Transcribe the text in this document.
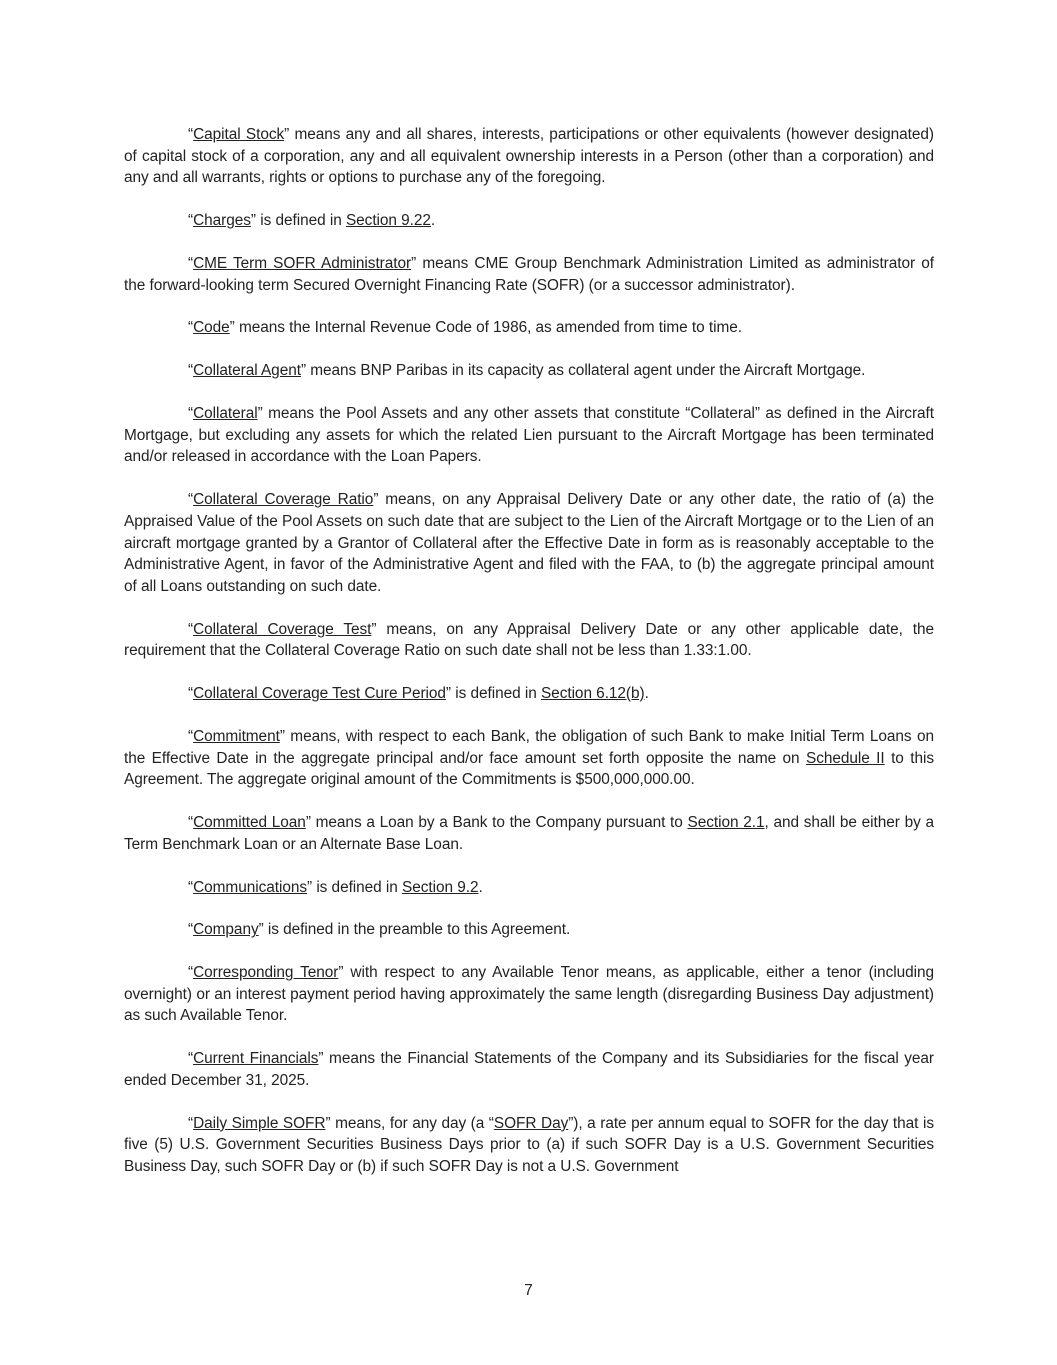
“Capital Stock” means any and all shares, interests, participations or other equivalents (however designated) of capital stock of a corporation, any and all equivalent ownership interests in a Person (other than a corporation) and any and all warrants, rights or options to purchase any of the foregoing.

“Charges” is defined in Section 9.22.

“CME Term SOFR Administrator” means CME Group Benchmark Administration Limited as administrator of the forward-looking term Secured Overnight Financing Rate (SOFR) (or a successor administrator).

“Code” means the Internal Revenue Code of 1986, as amended from time to time.

“Collateral Agent” means BNP Paribas in its capacity as collateral agent under the Aircraft Mortgage.

“Collateral” means the Pool Assets and any other assets that constitute “Collateral” as defined in the Aircraft Mortgage, but excluding any assets for which the related Lien pursuant to the Aircraft Mortgage has been terminated and/or released in accordance with the Loan Papers.

“Collateral Coverage Ratio” means, on any Appraisal Delivery Date or any other date, the ratio of (a) the Appraised Value of the Pool Assets on such date that are subject to the Lien of the Aircraft Mortgage or to the Lien of an aircraft mortgage granted by a Grantor of Collateral after the Effective Date in form as is reasonably acceptable to the Administrative Agent, in favor of the Administrative Agent and filed with the FAA, to (b) the aggregate principal amount of all Loans outstanding on such date.

“Collateral Coverage Test” means, on any Appraisal Delivery Date or any other applicable date, the requirement that the Collateral Coverage Ratio on such date shall not be less than 1.33:1.00.

“Collateral Coverage Test Cure Period” is defined in Section 6.12(b).

“Commitment” means, with respect to each Bank, the obligation of such Bank to make Initial Term Loans on the Effective Date in the aggregate principal and/or face amount set forth opposite the name on Schedule II to this Agreement. The aggregate original amount of the Commitments is $500,000,000.00.

“Committed Loan” means a Loan by a Bank to the Company pursuant to Section 2.1, and shall be either by a Term Benchmark Loan or an Alternate Base Loan.

“Communications” is defined in Section 9.2.

“Company” is defined in the preamble to this Agreement.

“Corresponding Tenor” with respect to any Available Tenor means, as applicable, either a tenor (including overnight) or an interest payment period having approximately the same length (disregarding Business Day adjustment) as such Available Tenor.

“Current Financials” means the Financial Statements of the Company and its Subsidiaries for the fiscal year ended December 31, 2025.

“Daily Simple SOFR” means, for any day (a “SOFR Day”), a rate per annum equal to SOFR for the day that is five (5) U.S. Government Securities Business Days prior to (a) if such SOFR Day is a U.S. Government Securities Business Day, such SOFR Day or (b) if such SOFR Day is not a U.S. Government

7
